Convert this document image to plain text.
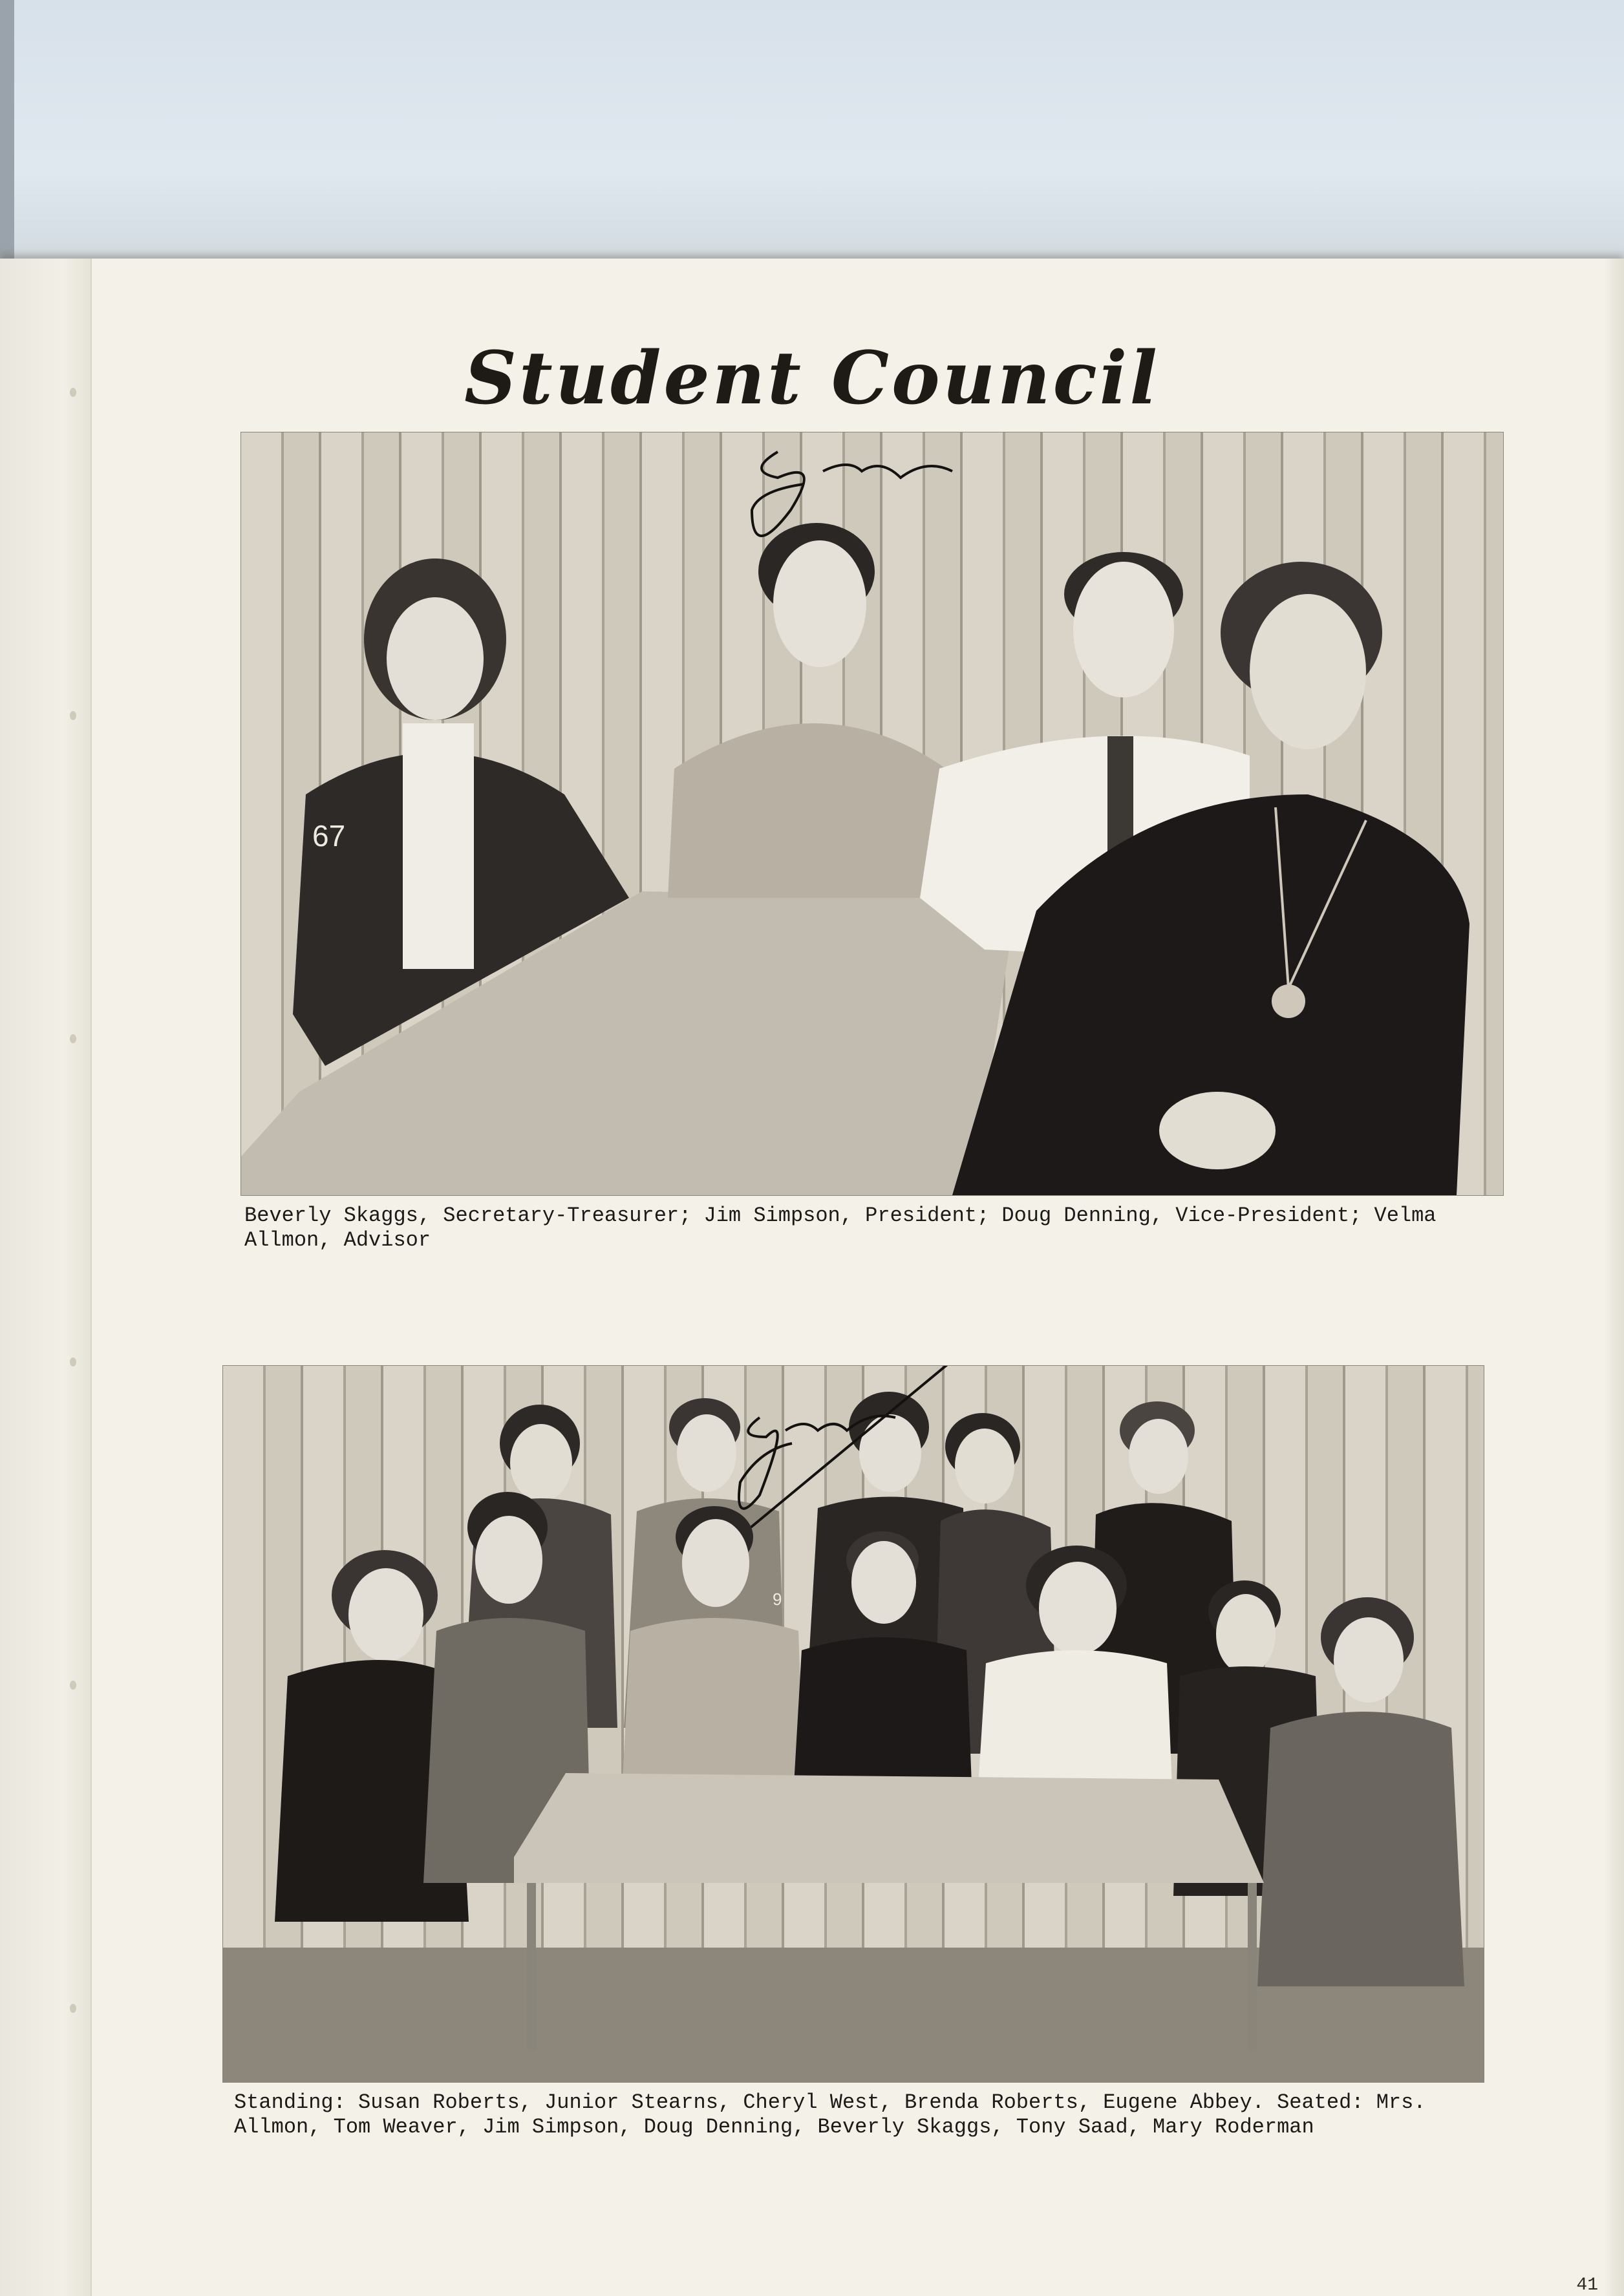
Student Council
67
Jim
Beverly Skaggs, Secretary-Treasurer; Jim Simpson, President; Doug Denning, Vice-President; Velma Allmon, Advisor
Jim
9
Standing: Susan Roberts, Junior Stearns, Cheryl West, Brenda Roberts, Eugene Abbey. Seated: Mrs. Allmon, Tom Weaver, Jim Simpson, Doug Denning, Beverly Skaggs, Tony Saad, Mary Roderman
41
